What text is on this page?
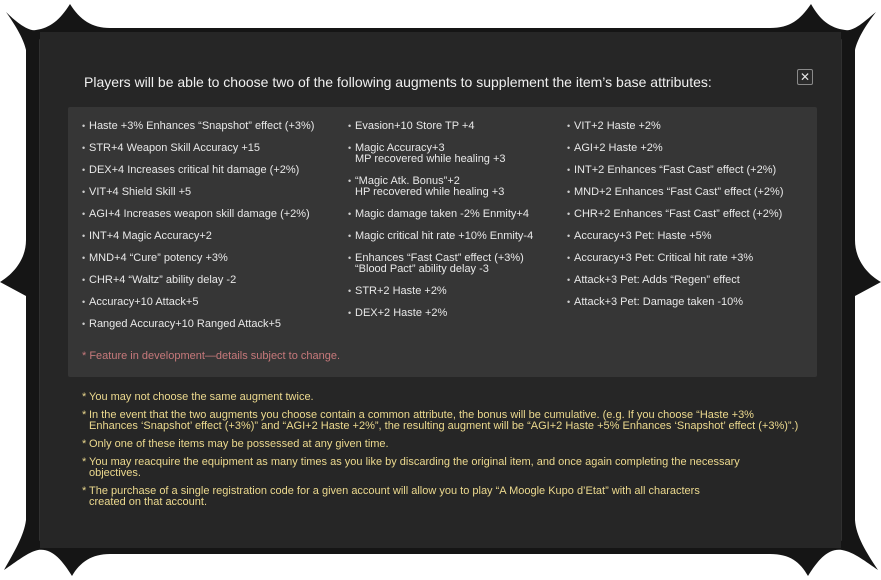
Players will be able to choose two of the following augments to supplement the item’s base attributes:	✕
• Haste +3% Enhances “Snapshot” effect (+3%)
• STR+4 Weapon Skill Accuracy +15
• DEX+4 Increases critical hit damage (+2%)
• VIT+4 Shield Skill +5
• AGI+4 Increases weapon skill damage (+2%)
• INT+4 Magic Accuracy+2
• MND+4 “Cure” potency +3%
• CHR+4 “Waltz” ability delay -2
• Accuracy+10 Attack+5
• Ranged Accuracy+10 Ranged Attack+5
• Evasion+10 Store TP +4
• Magic Accuracy+3
MP recovered while healing +3
• “Magic Atk. Bonus”+2
HP recovered while healing +3
• Magic damage taken -2% Enmity+4
• Magic critical hit rate +10% Enmity-4
• Enhances “Fast Cast” effect (+3%)
“Blood Pact” ability delay -3
• STR+2 Haste +2%
• DEX+2 Haste +2%
• VIT+2 Haste +2%
• AGI+2 Haste +2%
• INT+2 Enhances “Fast Cast” effect (+2%)
• MND+2 Enhances “Fast Cast” effect (+2%)
• CHR+2 Enhances “Fast Cast” effect (+2%)
• Accuracy+3 Pet: Haste +5%
• Accuracy+3 Pet: Critical hit rate +3%
• Attack+3 Pet: Adds “Regen” effect
• Attack+3 Pet: Damage taken -10%
* Feature in development—details subject to change.
* You may not choose the same augment twice.
* In the event that the two augments you choose contain a common attribute, the bonus will be cumulative. (e.g. If you choose “Haste +3%
Enhances ‘Snapshot’ effect (+3%)” and “AGI+2 Haste +2%”, the resulting augment will be “AGI+2 Haste +5% Enhances ‘Snapshot’ effect (+3%)”.)
* Only one of these items may be possessed at any given time.
* You may reacquire the equipment as many times as you like by discarding the original item, and once again completing the necessary
objectives.
* The purchase of a single registration code for a given account will allow you to play “A Moogle Kupo d’Etat” with all characters
created on that account.
